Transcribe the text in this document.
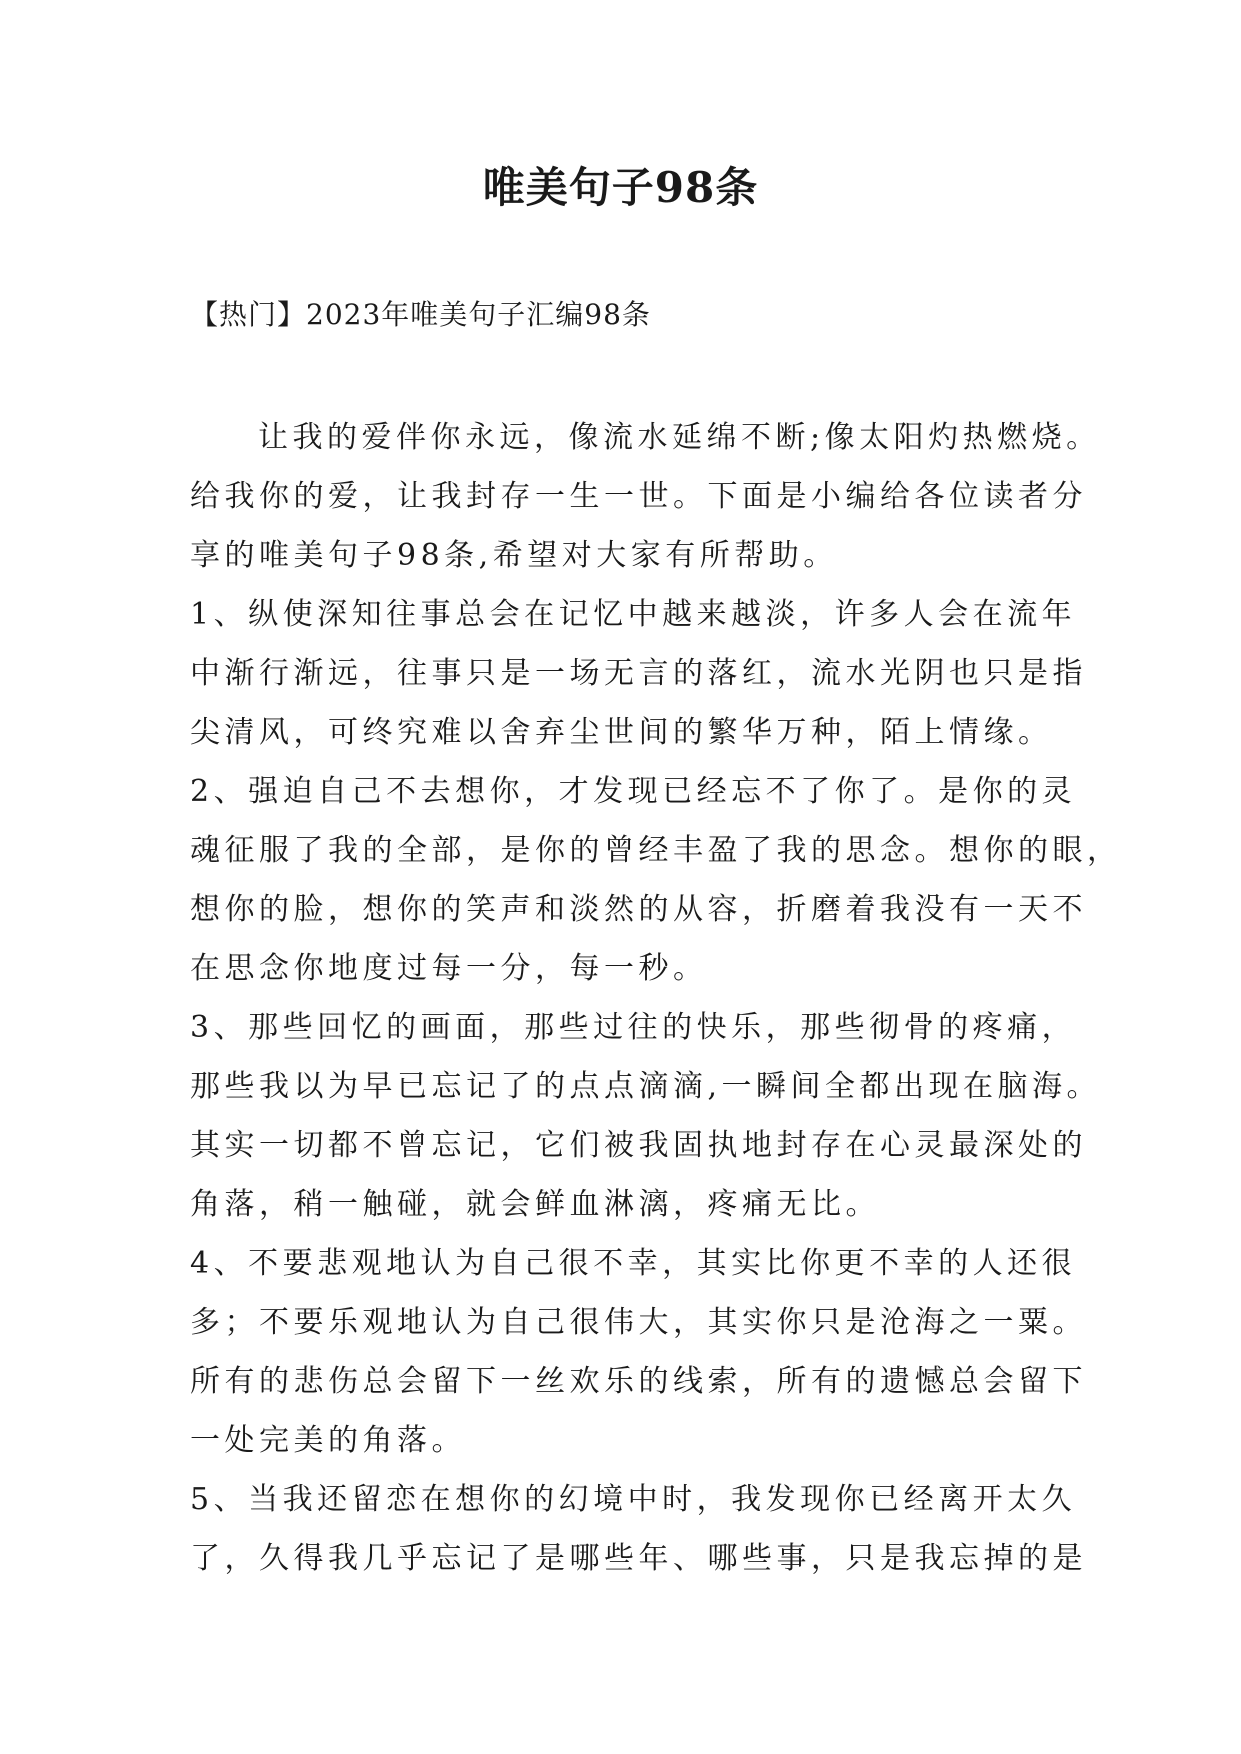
唯美句子98条
【热门】2023年唯美句子汇编98条
让我的爱伴你永远，像流水延绵不断;像太阳灼热燃烧。
给我你的爱，让我封存一生一世。下面是小编给各位读者分
享的唯美句子98条,希望对大家有所帮助。
1、纵使深知往事总会在记忆中越来越淡，许多人会在流年
中渐行渐远，往事只是一场无言的落红，流水光阴也只是指
尖清风，可终究难以舍弃尘世间的繁华万种，陌上情缘。
2、强迫自己不去想你，才发现已经忘不了你了。是你的灵
魂征服了我的全部，是你的曾经丰盈了我的思念。想你的眼，
想你的脸，想你的笑声和淡然的从容，折磨着我没有一天不
在思念你地度过每一分，每一秒。
3、那些回忆的画面，那些过往的快乐，那些彻骨的疼痛，
那些我以为早已忘记了的点点滴滴,一瞬间全都出现在脑海。
其实一切都不曾忘记，它们被我固执地封存在心灵最深处的
角落，稍一触碰，就会鲜血淋漓，疼痛无比。
4、不要悲观地认为自己很不幸，其实比你更不幸的人还很
多；不要乐观地认为自己很伟大，其实你只是沧海之一粟。
所有的悲伤总会留下一丝欢乐的线索，所有的遗憾总会留下
一处完美的角落。
5、当我还留恋在想你的幻境中时，我发现你已经离开太久
了，久得我几乎忘记了是哪些年、哪些事，只是我忘掉的是
